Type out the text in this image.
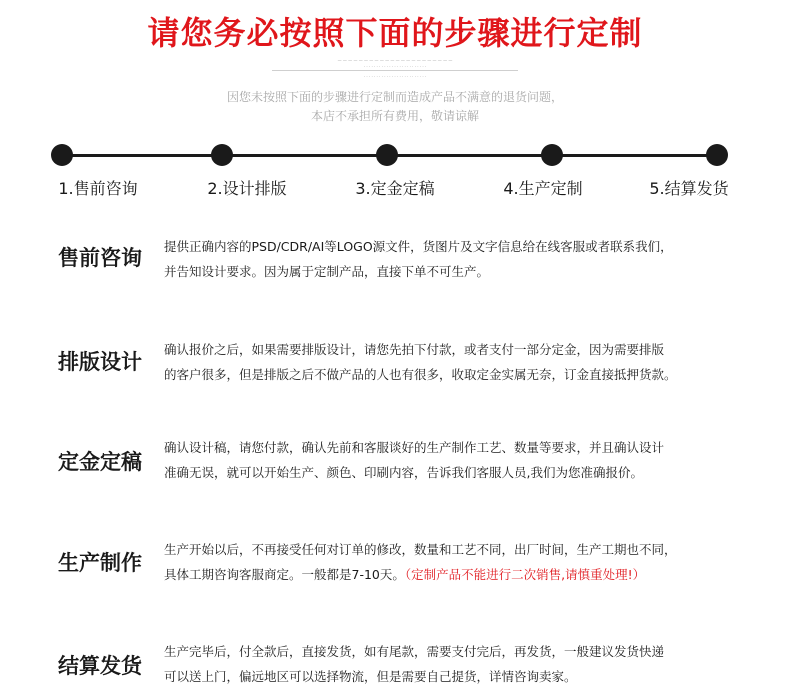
请您务必按照下面的步骤进行定制
— — — — — — — — — — — — — — — — — — — — — —
· · · · · · · · · · · · · · · · · · · · · · · · ·
· · · · · · · · · · · · · · · · · · · · · · · · ·
因您未按照下面的步骤进行定制而造成产品不满意的退货问题，
本店不承担所有费用，敬请谅解
1.售前咨询	2.设计排版	3.定金定稿	4.生产定制	5.结算发货
售前咨询 提供正确内容的PSD/CDR/AI等LOGO源文件，货图片及文字信息给在线客服或者联系我们，
并告知设计要求。因为属于定制产品，直接下单不可生产。
排版设计
确认报价之后，如果需要排版设计，请您先拍下付款，或者支付一部分定金，因为需要排版
的客户很多，但是排版之后不做产品的人也有很多，收取定金实属无奈，订金直接抵押货款。
定金定稿
确认设计稿，请您付款，确认先前和客服谈好的生产制作工艺、数量等要求，并且确认设计
准确无误，就可以开始生产、颜色、印刷内容，告诉我们客服人员,我们为您准确报价。
生产制作
生产开始以后，不再接受任何对订单的修改，数量和工艺不同，出厂时间，生产工期也不同，
具体工期咨询客服商定。一般都是7-10天。（定制产品不能进行二次销售,请慎重处理!）
结算发货
生产完毕后，付全款后，直接发货，如有尾款，需要支付完后，再发货，一般建议发货快递
可以送上门，偏远地区可以选择物流，但是需要自己提货，详情咨询卖家。
